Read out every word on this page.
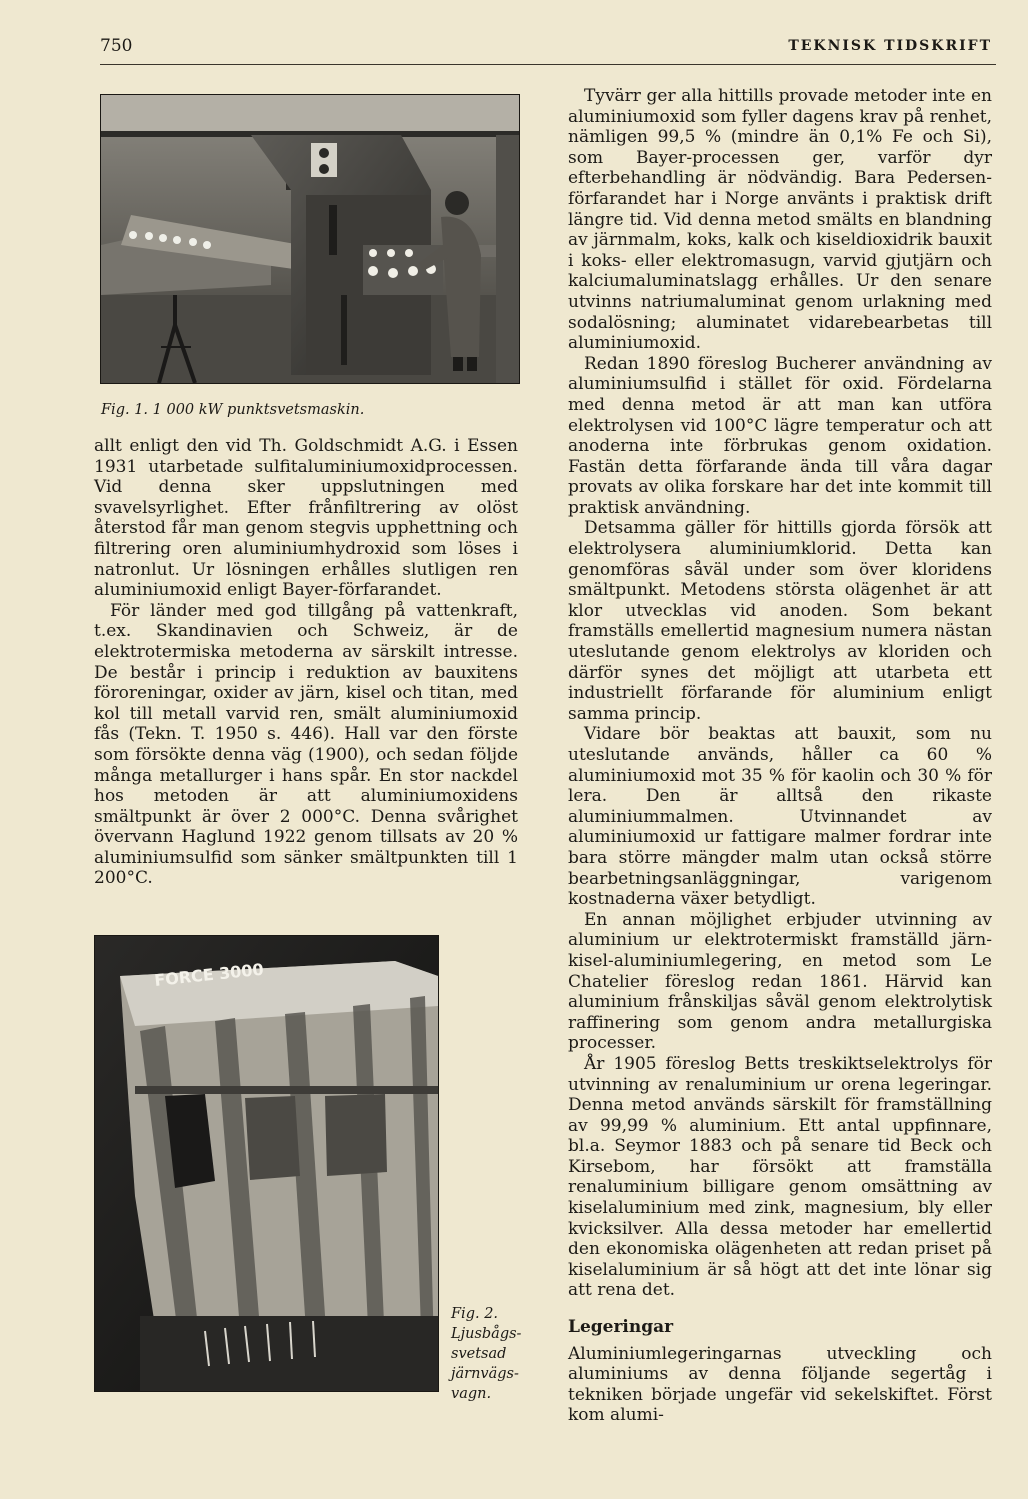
750	TEKNISK TIDSKRIFT
Fig. 1. 1 000 kW punktsvetsmaskin.

allt enligt den vid Th. Goldschmidt A.G. i Essen 1931 utarbetade sulfitaluminiumoxidprocessen. Vid denna sker uppslutningen med svavelsyrlighet. Efter frånfiltrering av olöst återstod får man genom stegvis upphettning och filtrering oren aluminiumhydroxid som löses i natronlut. Ur lösningen erhålles slutligen ren aluminiumoxid enligt Bayer-förfarandet.

För länder med god tillgång på vattenkraft, t.ex. Skandinavien och Schweiz, är de elektrotermiska metoderna av särskilt intresse. De består i princip i reduktion av bauxitens föroreningar, oxider av järn, kisel och titan, med kol till metall varvid ren, smält aluminiumoxid fås (Tekn. T. 1950 s. 446). Hall var den förste som försökte denna väg (1900), och sedan följde många metallurger i hans spår. En stor nackdel hos metoden är att aluminiumoxidens smältpunkt är över 2 000°C. Denna svårighet övervann Haglund 1922 genom tillsats av 20 % aluminiumsulfid som sänker smältpunkten till 1 200°C.

FORCE 3000
Fig. 2.
Ljusbågs-
svetsad
järnvägs-
vagn.

Tyvärr ger alla hittills provade metoder inte en aluminiumoxid som fyller dagens krav på renhet, nämligen 99,5 % (mindre än 0,1% Fe och Si), som Bayer-processen ger, varför dyr efterbehandling är nödvändig. Bara Pedersen-förfarandet har i Norge använts i praktisk drift längre tid. Vid denna metod smälts en blandning av järnmalm, koks, kalk och kiseldioxidrik bauxit i koks- eller elektromasugn, varvid gjutjärn och kalciumaluminatslagg erhålles. Ur den senare utvinns natriumaluminat genom urlakning med sodalösning; aluminatet vidarebearbetas till aluminiumoxid.

Redan 1890 föreslog Bucherer användning av aluminiumsulfid i stället för oxid. Fördelarna med denna metod är att man kan utföra elektrolysen vid 100°C lägre temperatur och att anoderna inte förbrukas genom oxidation. Fastän detta förfarande ända till våra dagar provats av olika forskare har det inte kommit till praktisk användning.

Detsamma gäller för hittills gjorda försök att elektrolysera aluminiumklorid. Detta kan genomföras såväl under som över kloridens smältpunkt. Metodens största olägenhet är att klor utvecklas vid anoden. Som bekant framställs emellertid magnesium numera nästan uteslutande genom elektrolys av kloriden och därför synes det möjligt att utarbeta ett industriellt förfarande för aluminium enligt samma princip.

Vidare bör beaktas att bauxit, som nu uteslutande används, håller ca 60 % aluminiumoxid mot 35 % för kaolin och 30 % för lera. Den är alltså den rikaste aluminiummalmen. Utvinnandet av aluminiumoxid ur fattigare malmer fordrar inte bara större mängder malm utan också större bearbetningsanläggningar, varigenom kostnaderna växer betydligt.

En annan möjlighet erbjuder utvinning av aluminium ur elektrotermiskt framställd järn-kisel-aluminiumlegering, en metod som Le Chatelier föreslog redan 1861. Härvid kan aluminium frånskiljas såväl genom elektrolytisk raffinering som genom andra metallurgiska processer.

År 1905 föreslog Betts treskiktselektrolys för utvinning av renaluminium ur orena legeringar. Denna metod används särskilt för framställning av 99,99 % aluminium. Ett antal uppfinnare, bl.a. Seymor 1883 och på senare tid Beck och Kirsebom, har försökt att framställa renaluminium billigare genom omsättning av kiselaluminium med zink, magnesium, bly eller kvicksilver. Alla dessa metoder har emellertid den ekonomiska olägenheten att redan priset på kiselaluminium är så högt att det inte lönar sig att rena det.

Legeringar

Aluminiumlegeringarnas utveckling och aluminiums av denna följande segertåg i tekniken började ungefär vid sekelskiftet. Först kom alumi-
